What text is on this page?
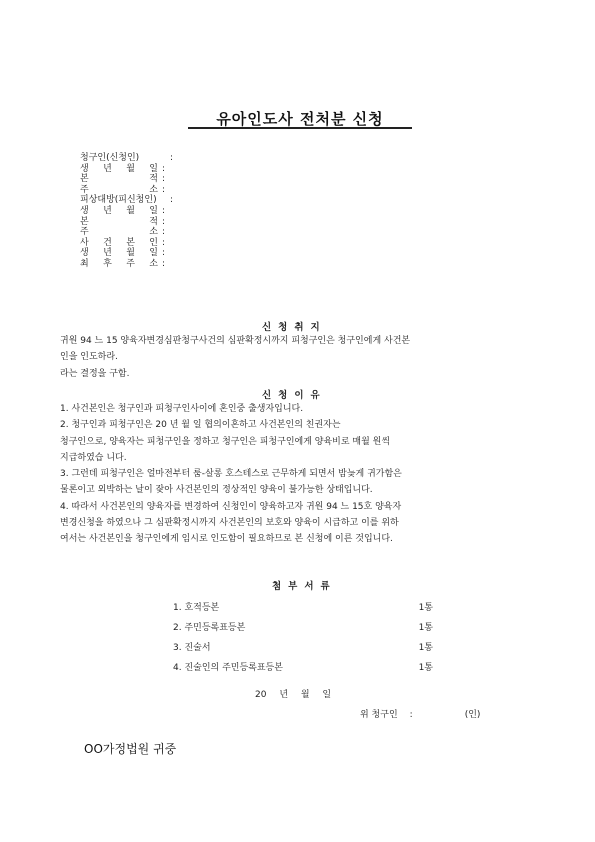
유아인도사 전처분 신청
청구인(신청인)	:
생 년 월 일 :
본	적 :
주	소 :
피상대방(피신청인)	:
생 년 월 일 :
본	적 :
주	소 :
사 건 본 인 :
생 년 월 일 :
최 후 주 소 :
신청취지

귀원 94 느 15 양육자변경심판청구사건의 심판확정시까지 피청구인은 청구인에게 사건본

인을 인도하라.

라는 결정을 구함.

신청이유

1. 사건본인은 청구인과 피청구인사이에 혼인중 출생자입니다.

2. 청구인과 피청구인은 20 년 월 일 협의이혼하고 사건본인의 친권자는

청구인으로, 양육자는 피청구인을 정하고 청구인은 피청구인에게 양육비로 매월 원씩

지급하였습 니다.

3. 그런데 피청구인은 얼마전부터 룸-살롱 호스테스로 근무하게 되면서 밤늦게 귀가함은

물론이고 외박하는 날이 잦아 사건본인의 정상적인 양육이 불가능한 상태입니다.

4. 따라서 사건본인의 양육자를 변경하여 신청인이 양육하고자 귀원 94 느 15호 양육자

변경신청을 하였으나 그 심판확정시까지 사건본인의 보호와 양육이 시급하고 이를 위하

여서는 사건본인을 청구인에게 임시로 인도함이 필요하므로 본 신청에 이른 것입니다.

첨부서류
1. 호적등본	1통
2. 주민등록표등본	1통
3. 진술서	1통
4. 진술인의 주민등록표등본	1통
20 년 월 일
위 청구인 :	(인)
OO가정법원 귀중
